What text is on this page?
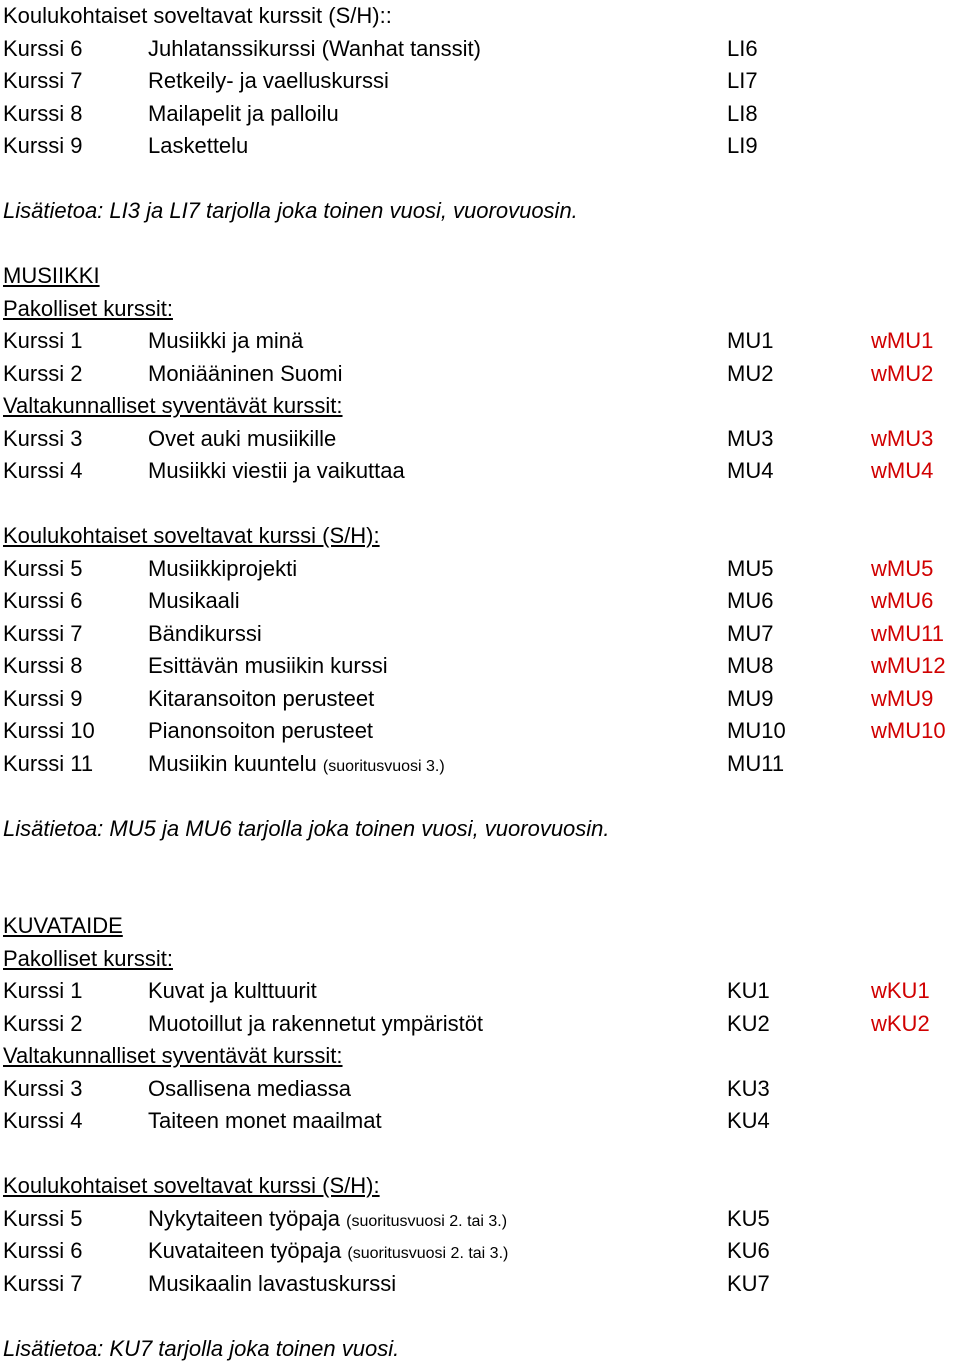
Koulukohtaiset soveltavat kurssit (S/H)::
Kurssi 6	Juhlatanssikurssi (Wanhat tanssit)	LI6
Kurssi 7	Retkeily- ja vaelluskurssi	LI7
Kurssi 8	Mailapelit ja palloilu	LI8
Kurssi 9	Laskettelu	LI9
Lisätietoa: LI3 ja LI7 tarjolla joka toinen vuosi, vuorovuosin.
MUSIIKKI
Pakolliset kurssit:
Kurssi 1	Musiikki ja minä	MU1	wMU1
Kurssi 2	Moniääninen Suomi	MU2	wMU2
Valtakunnalliset syventävät kurssit:
Kurssi 3	Ovet auki musiikille	MU3	wMU3
Kurssi 4	Musiikki viestii ja vaikuttaa	MU4	wMU4
Koulukohtaiset soveltavat kurssi (S/H):
Kurssi 5	Musiikkiprojekti	MU5	wMU5
Kurssi 6	Musikaali	MU6	wMU6
Kurssi 7	Bändikurssi	MU7	wMU11
Kurssi 8	Esittävän musiikin kurssi	MU8	wMU12
Kurssi 9	Kitaransoiton perusteet	MU9	wMU9
Kurssi 10 Pianonsoiton perusteet	MU10	wMU10
Kurssi 11 Musiikin kuuntelu (suoritusvuosi 3.)	MU11
Lisätietoa: MU5 ja MU6 tarjolla joka toinen vuosi, vuorovuosin.
KUVATAIDE
Pakolliset kurssit:
Kurssi 1	Kuvat ja kulttuurit	KU1	wKU1
Kurssi 2	Muotoillut ja rakennetut ympäristöt	KU2	wKU2
Valtakunnalliset syventävät kurssit:
Kurssi 3	Osallisena mediassa	KU3
Kurssi 4	Taiteen monet maailmat	KU4
Koulukohtaiset soveltavat kurssi (S/H):
Kurssi 5	Nykytaiteen työpaja (suoritusvuosi 2. tai 3.)	KU5
Kurssi 6	Kuvataiteen työpaja (suoritusvuosi 2. tai 3.)	KU6
Kurssi 7	Musikaalin lavastuskurssi	KU7
Lisätietoa: KU7 tarjolla joka toinen vuosi.
